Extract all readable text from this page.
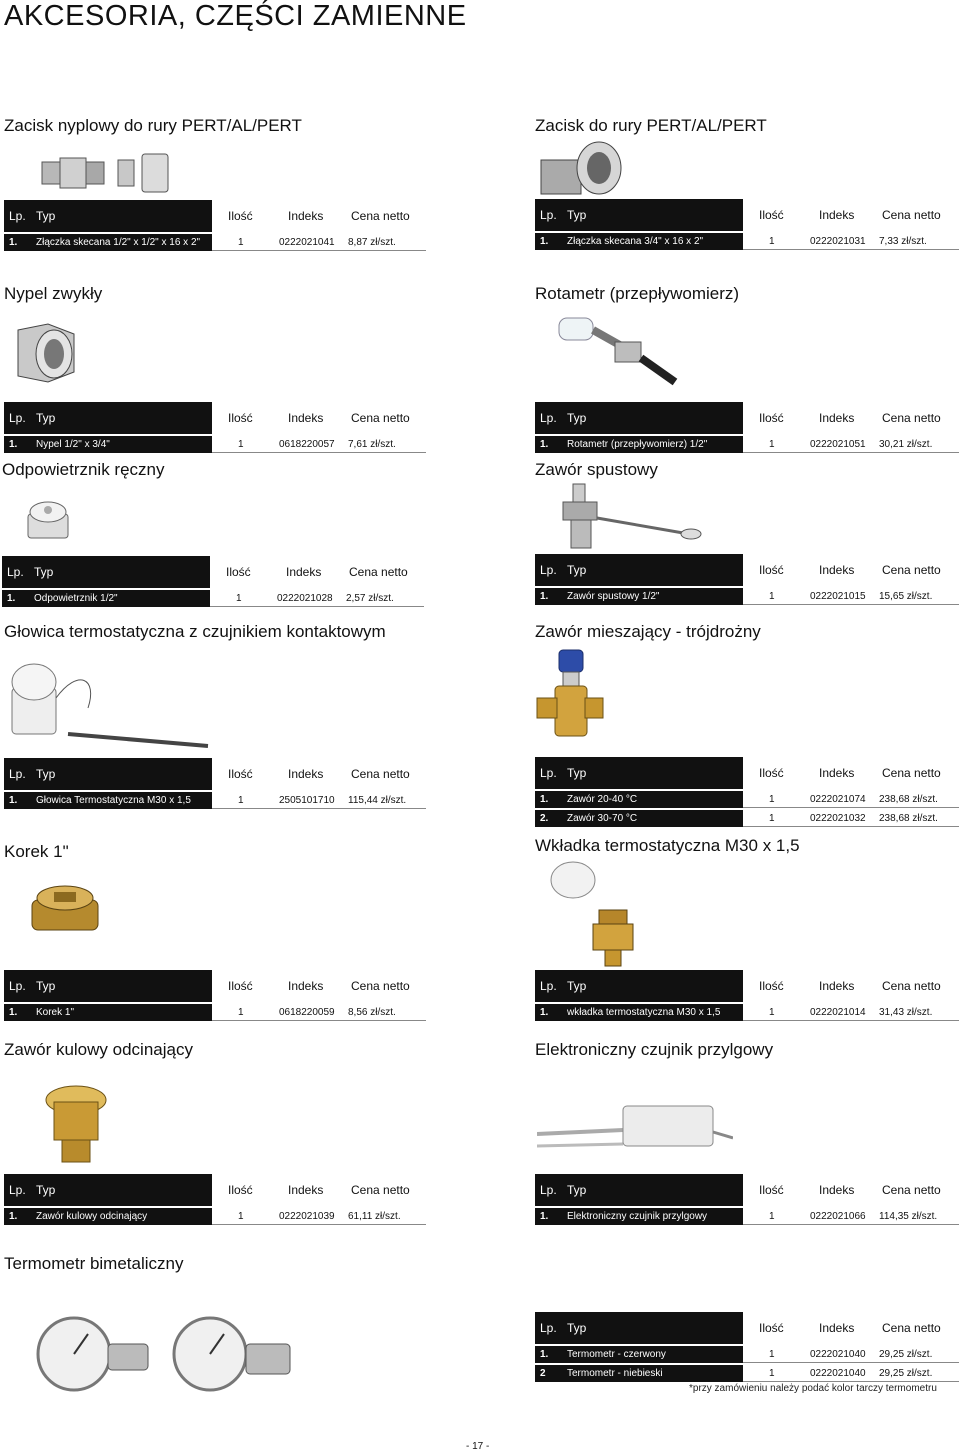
AKCESORIA, CZĘŚCI ZAMIENNE
Zacisk nyplowy do rury PERT/AL/PERT
Lp. Typ	Ilość	Indeks Cena netto
1. Złączka skecana 1/2" x 1/2" x 16 x 2"	1	0222021041 8,87 zł/szt.
Nypel zwykły
Lp. Typ	Ilość	Indeks Cena netto
1. Nypel 1/2" x 3/4"	1	0618220057 7,61 zł/szt.
Odpowietrznik ręczny
Lp. Typ	Ilość	Indeks Cena netto
1. Odpowietrznik 1/2"	1	0222021028 2,57 zł/szt.
Głowica termostatyczna z czujnikiem kontaktowym
Lp. Typ	Ilość	Indeks Cena netto
1. Głowica Termostatyczna M30 x 1,5	1	2505101710 115,44 zł/szt.
Korek 1"
Lp. Typ	Ilość	Indeks Cena netto
1. Korek 1"	1	0618220059 8,56 zł/szt.
Zawór kulowy odcinający
Lp. Typ	Ilość	Indeks Cena netto
1. Zawór kulowy odcinający	1	0222021039 61,11 zł/szt.
Termometr bimetaliczny
Zacisk do rury PERT/AL/PERT
Lp. Typ	Ilość	Indeks Cena netto
1. Złączka skecana 3/4" x 16 x 2"	1	0222021031 7,33 zł/szt.
Rotametr (przepływomierz)
Lp. Typ	Ilość	Indeks Cena netto
1. Rotametr (przepływomierz) 1/2"	1	0222021051 30,21 zł/szt.
Zawór spustowy
Lp. Typ	Ilość	Indeks Cena netto
1. Zawór spustowy 1/2"	1	0222021015 15,65 zł/szt.
Zawór mieszający - trójdrożny
Lp. Typ	Ilość	Indeks Cena netto
1. Zawór 20-40 °C	1	0222021074 238,68 zł/szt.
2. Zawór 30-70 °C	1	0222021032 238,68 zł/szt.
Wkładka termostatyczna M30 x 1,5
Lp. Typ	Ilość	Indeks Cena netto
1. wkładka termostatyczna M30 x 1,5	1	0222021014 31,43 zł/szt.
Elektroniczny czujnik przylgowy
Lp. Typ	Ilość	Indeks Cena netto
1. Elektroniczny czujnik przylgowy	1	0222021066 114,35 zł/szt.
Lp. Typ	Ilość	Indeks Cena netto
1. Termometr - czerwony	1	0222021040 29,25 zł/szt.
2 Termometr - niebieski	1	0222021040 29,25 zł/szt.
*przy zamówieniu należy podać kolor tarczy termometru
- 17 -
